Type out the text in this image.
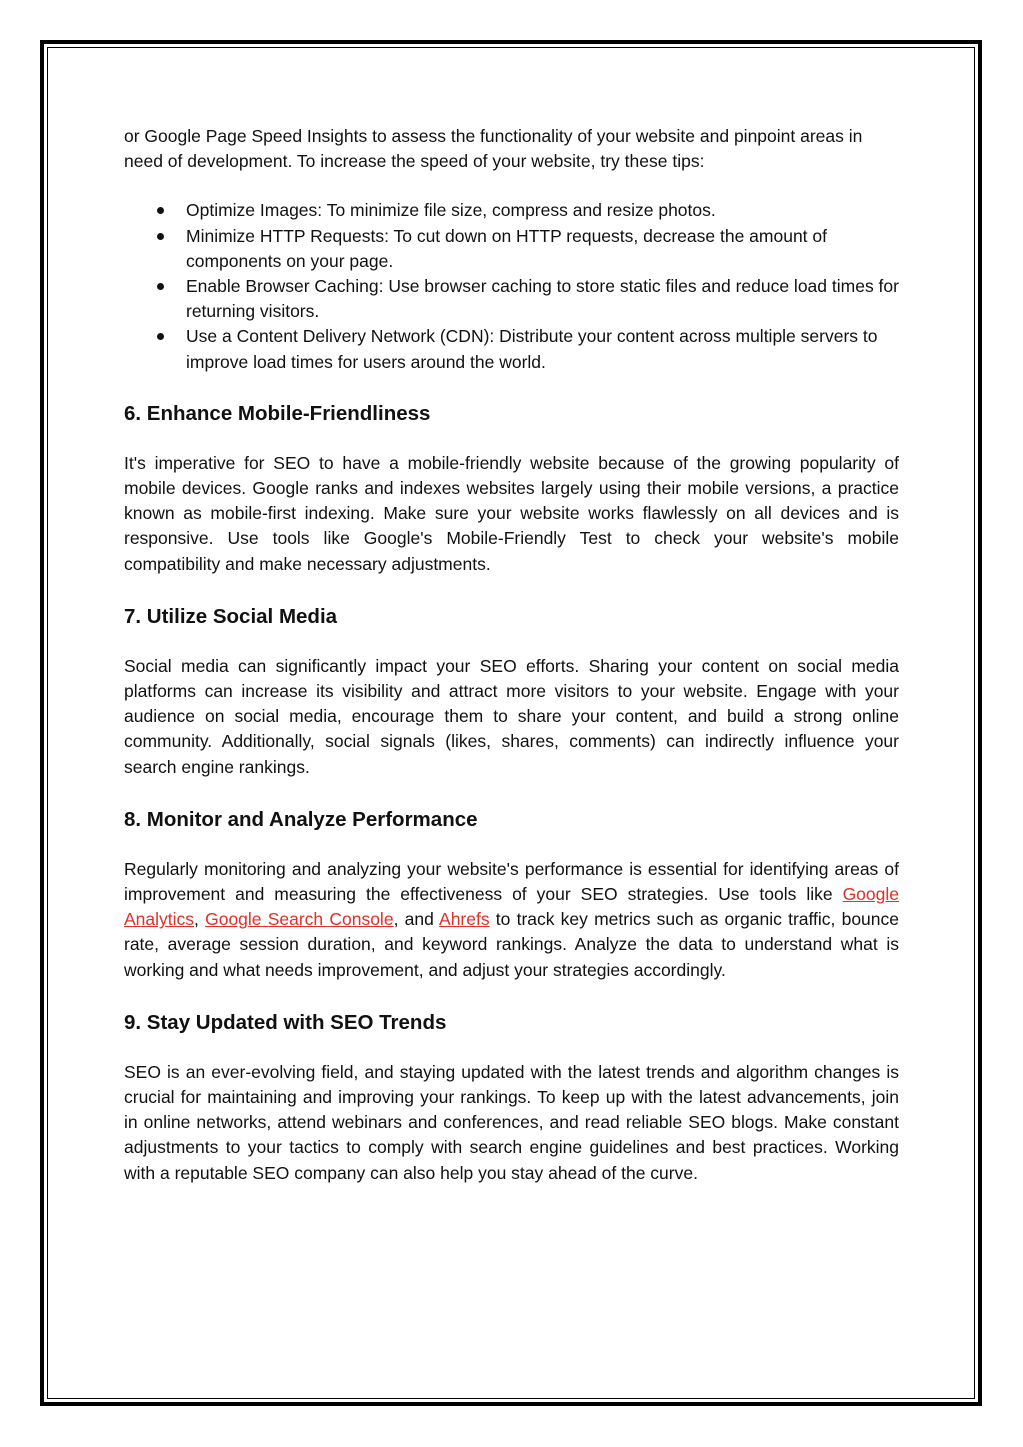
or Google Page Speed Insights to assess the functionality of your website and pinpoint areas in need of development. To increase the speed of your website, try these tips:

Optimize Images: To minimize file size, compress and resize photos.
Minimize HTTP Requests: To cut down on HTTP requests, decrease the amount of components on your page.
Enable Browser Caching: Use browser caching to store static files and reduce load times for returning visitors.
Use a Content Delivery Network (CDN): Distribute your content across multiple servers to improve load times for users around the world.
6. Enhance Mobile-Friendliness

It's imperative for SEO to have a mobile-friendly website because of the growing popularity of mobile devices. Google ranks and indexes websites largely using their mobile versions, a practice known as mobile-first indexing. Make sure your website works flawlessly on all devices and is responsive. Use tools like Google's Mobile-Friendly Test to check your website's mobile compatibility and make necessary adjustments.

7. Utilize Social Media

Social media can significantly impact your SEO efforts. Sharing your content on social media platforms can increase its visibility and attract more visitors to your website. Engage with your audience on social media, encourage them to share your content, and build a strong online community. Additionally, social signals (likes, shares, comments) can indirectly influence your search engine rankings.

8. Monitor and Analyze Performance

Regularly monitoring and analyzing your website's performance is essential for identifying areas of improvement and measuring the effectiveness of your SEO strategies. Use tools like Google Analytics, Google Search Console, and Ahrefs to track key metrics such as organic traffic, bounce rate, average session duration, and keyword rankings. Analyze the data to understand what is working and what needs improvement, and adjust your strategies accordingly.

9. Stay Updated with SEO Trends

SEO is an ever-evolving field, and staying updated with the latest trends and algorithm changes is crucial for maintaining and improving your rankings. To keep up with the latest advancements, join in online networks, attend webinars and conferences, and read reliable SEO blogs. Make constant adjustments to your tactics to comply with search engine guidelines and best practices. Working with a reputable SEO company can also help you stay ahead of the curve.
